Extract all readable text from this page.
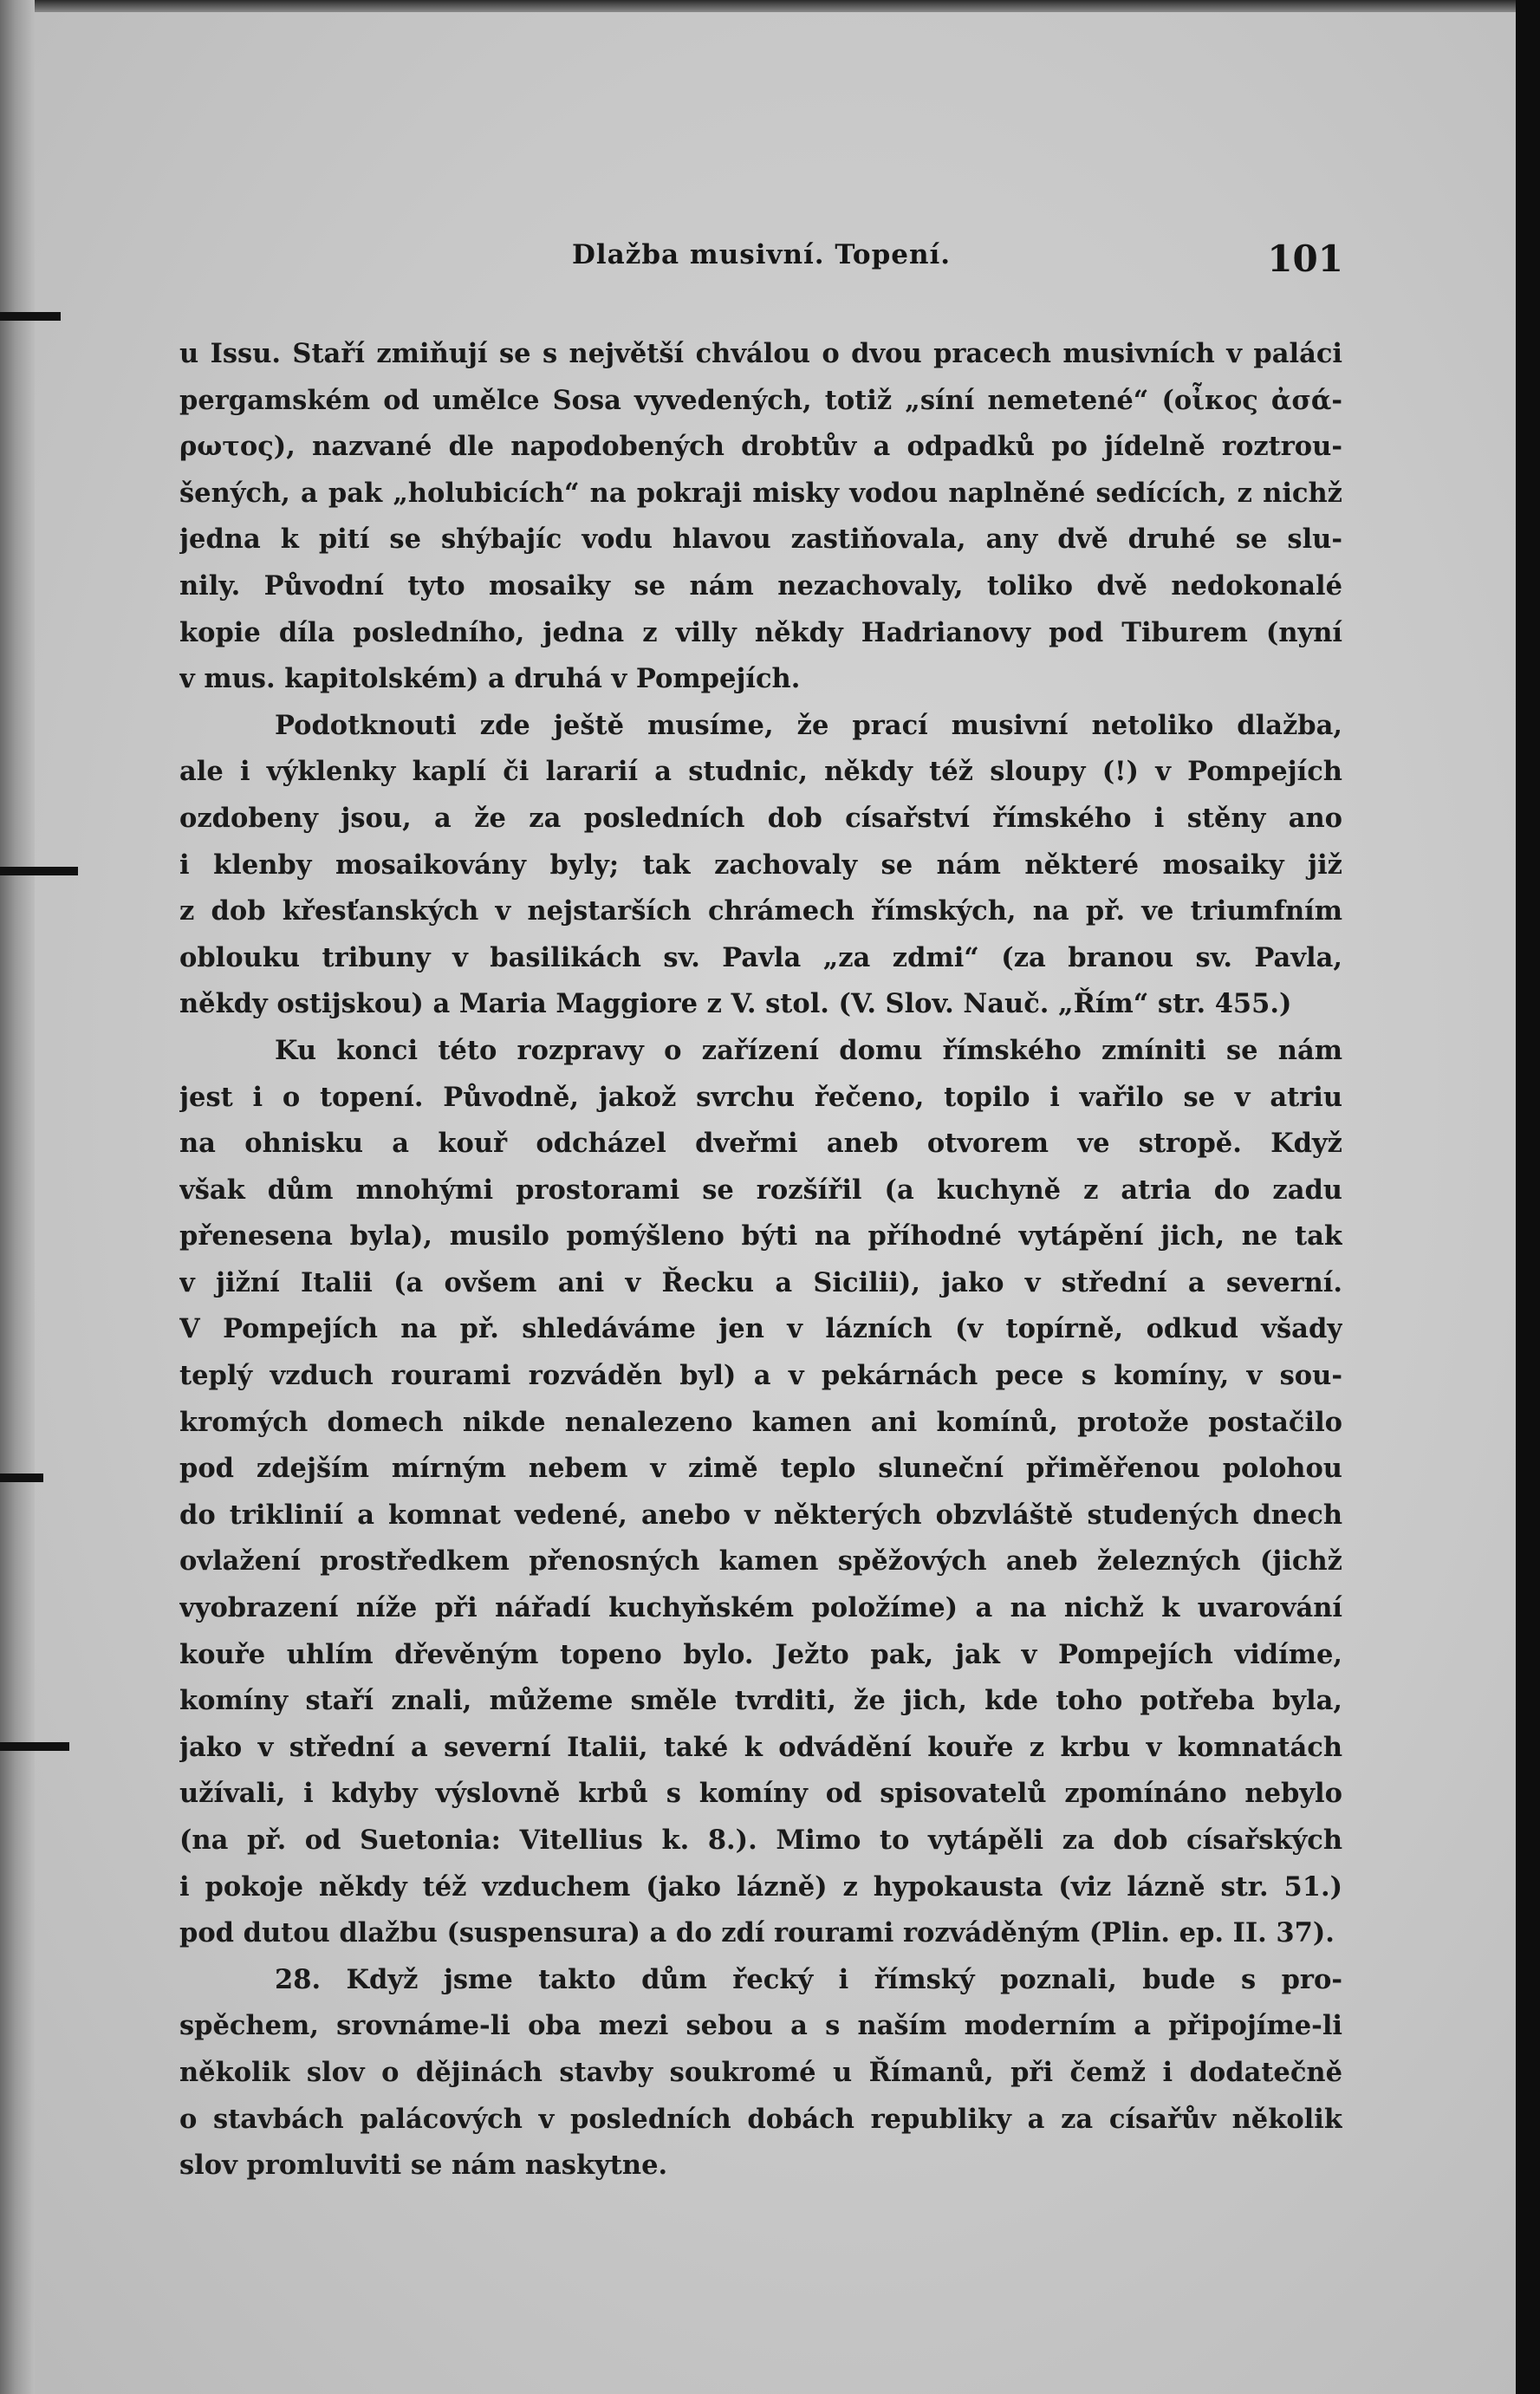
Dlažba musivní. Topení.	101
u Issu. Staří zmiňují se s největší chválou o dvou pracech musivních v paláci
pergamském od umělce Sosa vyvedených, totiž „síní nemetené“ (οἶκος ἀσά-
ρωτος), nazvané dle napodobených drobtův a odpadků po jídelně roztrou-
šených, a pak „holubicích“ na pokraji misky vodou naplněné sedících, z nichž
jedna k pití se shýbajíc vodu hlavou zastiňovala, any dvě druhé se slu-
nily. Původní tyto mosaiky se nám nezachovaly, toliko dvě nedokonalé
kopie díla posledního, jedna z villy někdy Hadrianovy pod Tiburem (nyní
v mus. kapitolském) a druhá v Pompejích.
Podotknouti zde ještě musíme, že prací musivní netoliko dlažba,
ale i výklenky kaplí či lararií a studnic, někdy též sloupy (!) v Pompejích
ozdobeny jsou, a že za posledních dob císařství římského i stěny ano
i klenby mosaikovány byly; tak zachovaly se nám některé mosaiky již
z dob křesťanských v nejstarších chrámech římských, na př. ve triumfním
oblouku tribuny v basilikách sv. Pavla „za zdmi“ (za branou sv. Pavla,
někdy ostijskou) a Maria Maggiore z V. stol. (V. Slov. Nauč. „Řím“ str. 455.)
Ku konci této rozpravy o zařízení domu římského zmíniti se nám
jest i o topení. Původně, jakož svrchu řečeno, topilo i vařilo se v atriu
na ohnisku a kouř odcházel dveřmi aneb otvorem ve stropě. Když
však dům mnohými prostorami se rozšířil (a kuchyně z atria do zadu
přenesena byla), musilo pomýšleno býti na příhodné vytápění jich, ne tak
v jižní Italii (a ovšem ani v Řecku a Sicilii), jako v střední a severní.
V Pompejích na př. shledáváme jen v lázních (v topírně, odkud všady
teplý vzduch rourami rozváděn byl) a v pekárnách pece s komíny, v sou-
kromých domech nikde nenalezeno kamen ani komínů, protože postačilo
pod zdejším mírným nebem v zimě teplo sluneční přiměřenou polohou
do triklinií a komnat vedené, anebo v některých obzvláště studených dnech
ovlažení prostředkem přenosných kamen spěžových aneb železných (jichž
vyobrazení níže při nářadí kuchyňském položíme) a na nichž k uvarování
kouře uhlím dřevěným topeno bylo. Ježto pak, jak v Pompejích vidíme,
komíny staří znali, můžeme směle tvrditi, že jich, kde toho potřeba byla,
jako v střední a severní Italii, také k odvádění kouře z krbu v komnatách
užívali, i kdyby výslovně krbů s komíny od spisovatelů zpomínáno nebylo
(na př. od Suetonia: Vitellius k. 8.). Mimo to vytápěli za dob císařských
i pokoje někdy též vzduchem (jako lázně) z hypokausta (viz lázně str. 51.)
pod dutou dlažbu (suspensura) a do zdí rourami rozváděným (Plin. ep. II. 37).
28. Když jsme takto dům řecký i římský poznali, bude s pro-
spěchem, srovnáme-li oba mezi sebou a s naším moderním a připojíme-li
několik slov o dějinách stavby soukromé u Římanů, při čemž i dodatečně
o stavbách palácových v posledních dobách republiky a za císařův několik
slov promluviti se nám naskytne.
